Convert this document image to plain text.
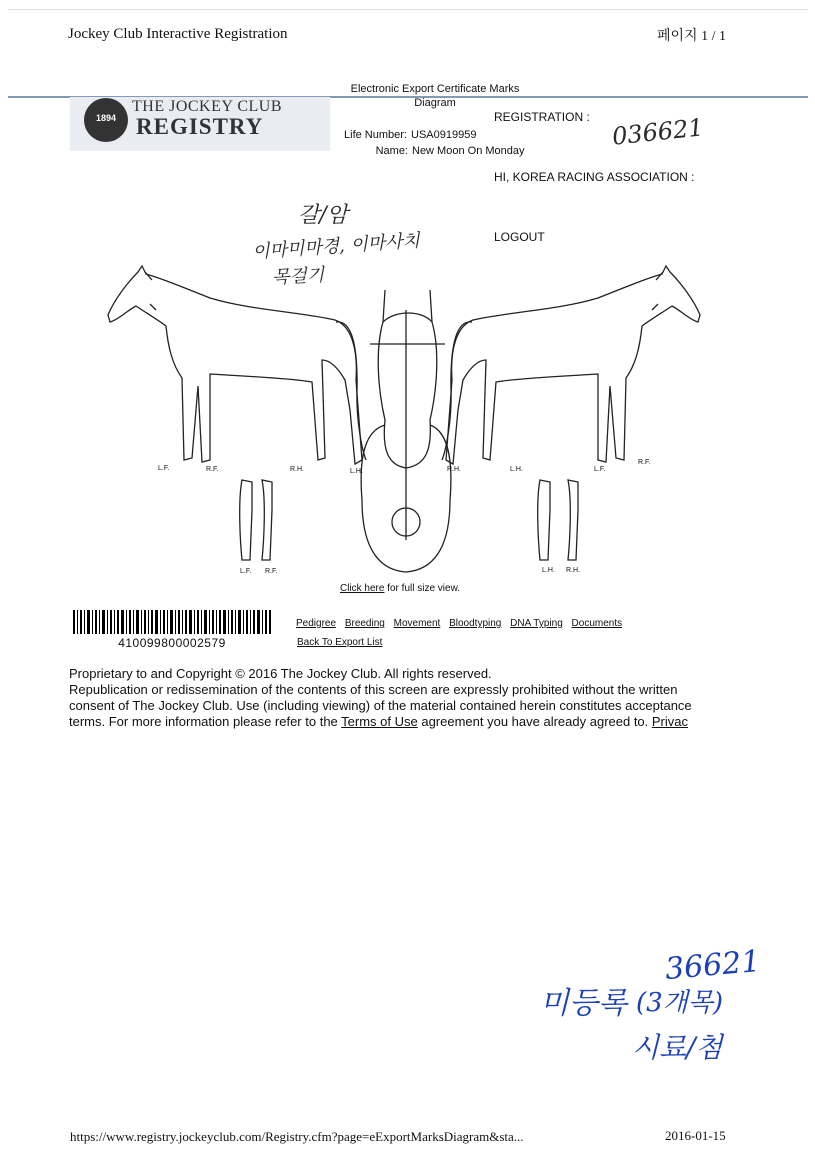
Jockey Club Interactive Registration	페이지 1 / 1
Electronic Export Certificate Marks
Diagram
1894
THE JOCKEY CLUB
REGISTRY	Life Number: USA0919959
Name: New Moon On Monday
REGISTRATION :
HI, KOREA RACING ASSOCIATION :
LOGOUT
036621
갈/암
이마미마경, 이마사치
목걸기
L.F.	R.F.	R.H.	L.H.	R.H.	L.H.	L.F.
R.F.
L.F. R.F.	L.H. R.H.
Click here for full size view.
410099800002579
Pedigree Breeding Movement Bloodtyping DNA Typing Documents
Back To Export List
Proprietary to and Copyright © 2016 The Jockey Club. All rights reserved.
Republication or redissemination of the contents of this screen are expressly prohibited without the written
consent of The Jockey Club. Use (including viewing) of the material contained herein constitutes acceptance
terms. For more information please refer to the Terms of Use agreement you have already agreed to. Privac
미등록
36621
(3개목)
시료/첨
https://www.registry.jockeyclub.com/Registry.cfm?page=eExportMarksDiagram&sta...	2016-01-15
